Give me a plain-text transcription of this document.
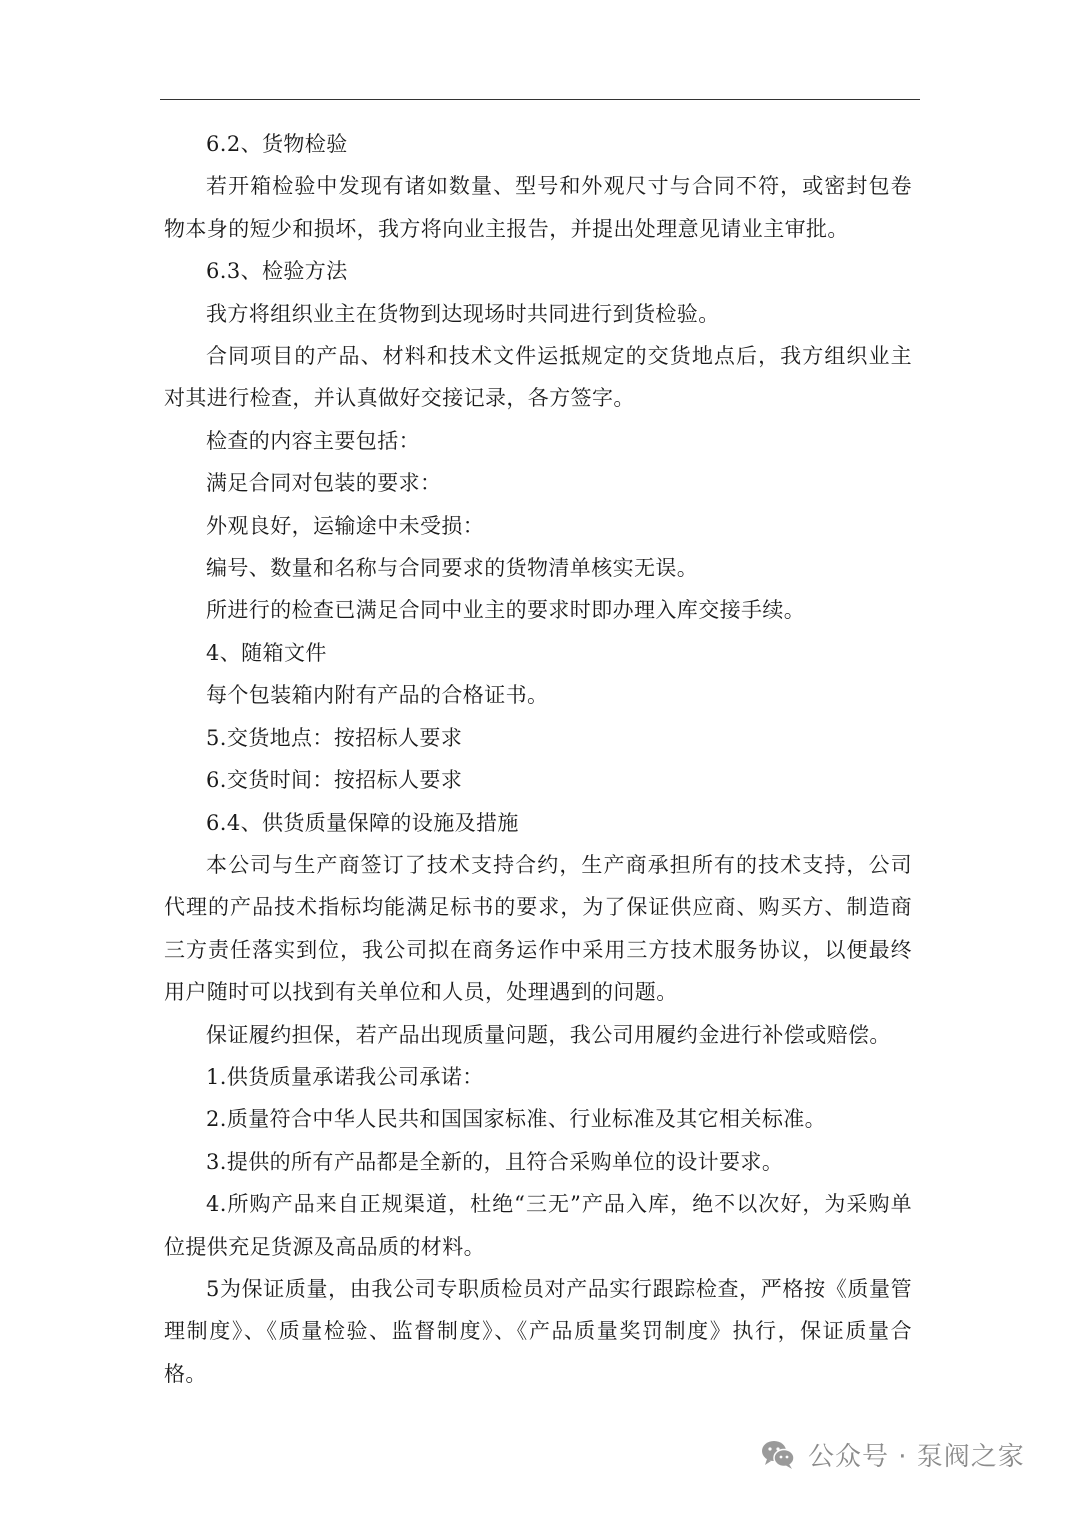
6.2、货物检验

若开箱检验中发现有诸如数量、型号和外观尺寸与合同不符，或密封包卷物本身的短少和损坏，我方将向业主报告，并提出处理意见请业主审批。

6.3、检验方法

我方将组织业主在货物到达现场时共同进行到货检验。

合同项目的产品、材料和技术文件运抵规定的交货地点后，我方组织业主对其进行检查，并认真做好交接记录，各方签字。

检查的内容主要包括：

满足合同对包装的要求：

外观良好，运输途中未受损：

编号、数量和名称与合同要求的货物清单核实无误。

所进行的检查已满足合同中业主的要求时即办理入库交接手续。

4、随箱文件

每个包装箱内附有产品的合格证书。

5.交货地点：按招标人要求

6.交货时间：按招标人要求

6.4、供货质量保障的设施及措施

本公司与生产商签订了技术支持合约，生产商承担所有的技术支持，公司代理的产品技术指标均能满足标书的要求，为了保证供应商、购买方、制造商三方责任落实到位，我公司拟在商务运作中采用三方技术服务协议，以便最终用户随时可以找到有关单位和人员，处理遇到的问题。

保证履约担保，若产品出现质量问题，我公司用履约金进行补偿或赔偿。

1.供货质量承诺我公司承诺：

2.质量符合中华人民共和国国家标准、行业标准及其它相关标准。

3.提供的所有产品都是全新的，且符合采购单位的设计要求。

4.所购产品来自正规渠道，杜绝“三无”产品入库，绝不以次好，为采购单位提供充足货源及高品质的材料。

5为保证质量，由我公司专职质检员对产品实行跟踪检查，严格按《质量管理制度》、《质量检验、监督制度》、《产品质量奖罚制度》执行，保证质量合格。

公众号 · 泵阀之家
